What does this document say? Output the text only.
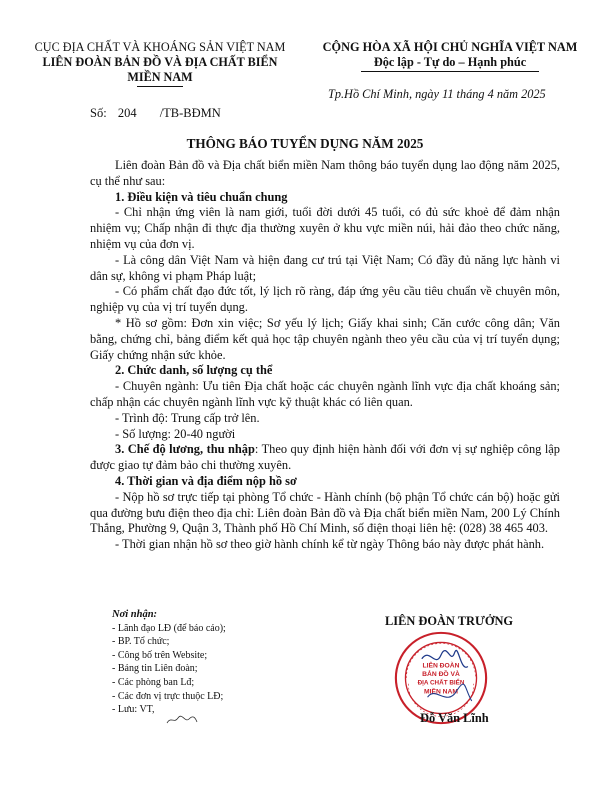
CỤC ĐỊA CHẤT VÀ KHOÁNG SẢN VIỆT NAM
LIÊN ĐOÀN BẢN ĐỒ VÀ ĐỊA CHẤT BIỂN
MIỀN NAM
CỘNG HÒA XÃ HỘI CHỦ NGHĨA VIỆT NAM
Độc lập - Tự do – Hạnh phúc
Tp.Hồ Chí Minh, ngày 11 tháng 4 năm 2025
Số: 204 /TB-BĐMN
THÔNG BÁO TUYỂN DỤNG NĂM 2025

Liên đoàn Bản đồ và Địa chất biển miền Nam thông báo tuyển dụng lao động năm 2025, cụ thể như sau:

1. Điều kiện và tiêu chuẩn chung

- Chỉ nhận ứng viên là nam giới, tuổi đời dưới 45 tuổi, có đủ sức khoẻ để đảm nhận nhiệm vụ; Chấp nhận đi thực địa thường xuyên ở khu vực miền núi, hải đảo theo chức năng, nhiệm vụ của đơn vị.

- Là công dân Việt Nam và hiện đang cư trú tại Việt Nam; Có đầy đủ năng lực hành vi dân sự, không vi phạm Pháp luật;

- Có phẩm chất đạo đức tốt, lý lịch rõ ràng, đáp ứng yêu cầu tiêu chuẩn về chuyên môn, nghiệp vụ của vị trí tuyển dụng.

* Hồ sơ gồm: Đơn xin việc; Sơ yếu lý lịch; Giấy khai sinh; Căn cước công dân; Văn bằng, chứng chỉ, bảng điểm kết quả học tập chuyên ngành theo yêu cầu của vị trí tuyển dụng; Giấy chứng nhận sức khỏe.

2. Chức danh, số lượng cụ thể

- Chuyên ngành: Ưu tiên Địa chất hoặc các chuyên ngành lĩnh vực địa chất khoáng sản; chấp nhận các chuyên ngành lĩnh vực kỹ thuật khác có liên quan.

- Trình độ: Trung cấp trở lên.

- Số lượng: 20-40 người

3. Chế độ lương, thu nhập: Theo quy định hiện hành đối với đơn vị sự nghiệp công lập được giao tự đảm bảo chi thường xuyên.

4. Thời gian và địa điểm nộp hồ sơ

- Nộp hồ sơ trực tiếp tại phòng Tổ chức - Hành chính (bộ phận Tổ chức cán bộ) hoặc gửi qua đường bưu điện theo địa chỉ: Liên đoàn Bản đồ và Địa chất biển miền Nam, 200 Lý Chính Thắng, Phường 9, Quận 3, Thành phố Hồ Chí Minh, số điện thoại liên hệ: (028) 38 465 403.

- Thời gian nhận hồ sơ theo giờ hành chính kể từ ngày Thông báo này được phát hành.

Nơi nhận:
- Lãnh đạo LĐ (để báo cáo);
- BP. Tổ chức;
- Công bố trên Website;
- Bảng tin Liên đoàn;
- Các phòng ban Lđ;
- Các đơn vị trực thuộc LĐ;
- Lưu: VT,
LIÊN ĐOÀN TRƯỞNG
LIÊN ĐOÀN
BẢN ĐỒ VÀ
ĐỊA CHẤT BIỂN
MIỀN NAM
Đỗ Văn Lĩnh
